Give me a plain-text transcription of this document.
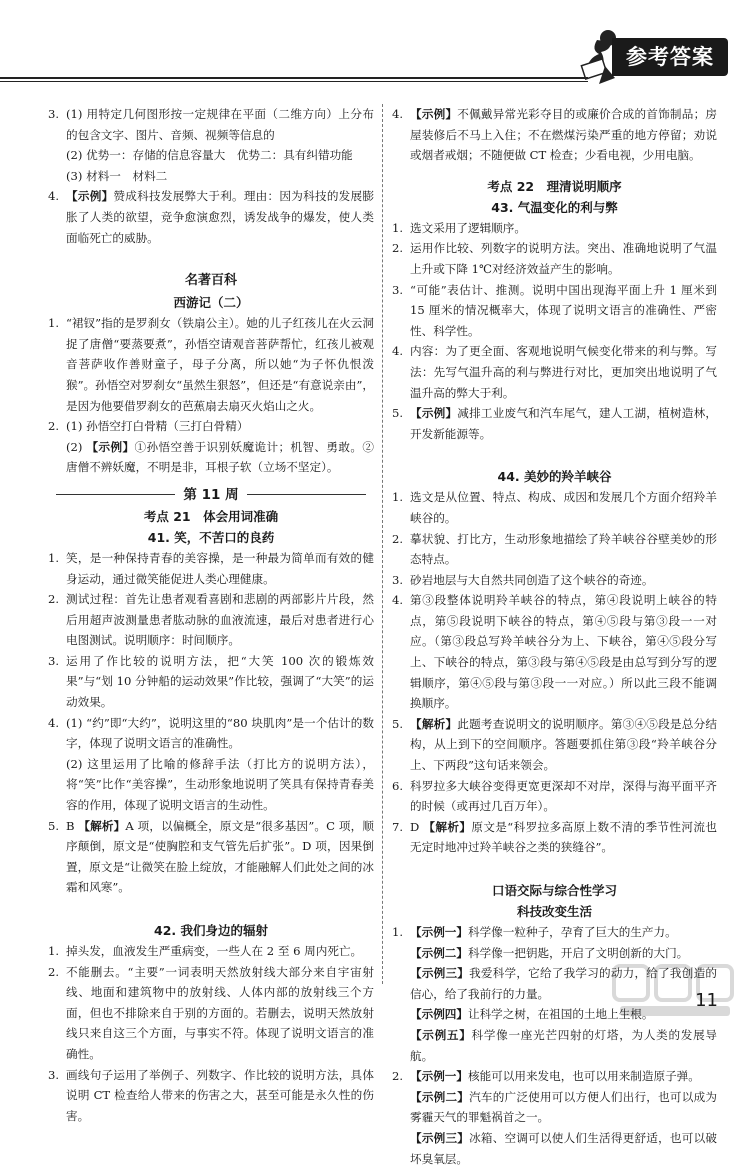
参考答案
3. (1) 用特定几何图形按一定规律在平面（二维方向）上分布的包含文字、图片、音频、视频等信息的
(2) 优势一：存储的信息容量大　优势二：具有纠错功能
(3) 材料一　材料二
4. 【示例】赞成科技发展弊大于利。理由：因为科技的发展膨胀了人类的欲望，竞争愈演愈烈，诱发战争的爆发，使人类面临死亡的威胁。
名著百科
西游记（二）
1. “裙钗”指的是罗刹女（铁扇公主）。她的儿子红孩儿在火云洞捉了唐僧“要蒸要煮”，孙悟空请观音菩萨帮忙，红孩儿被观音菩萨收作善财童子，母子分离，所以她“为子怀仇恨泼猴”。孙悟空对罗刹女“虽然生狠怒”，但还是“有意说亲由”，是因为他要借罗刹女的芭蕉扇去扇灭火焰山之火。
2. (1) 孙悟空打白骨精（三打白骨精）
(2) 【示例】①孙悟空善于识别妖魔诡计；机智、勇敢。②唐僧不辨妖魔，不明是非，耳根子软（立场不坚定）。
第 11 周
考点 21　体会用词准确
41. 笑，不苦口的良药
1. 笑，是一种保持青春的美容操，是一种最为简单而有效的健身运动，通过微笑能促进人类心理健康。
2. 测试过程：首先让患者观看喜剧和悲剧的两部影片片段，然后用超声波测量患者肱动脉的血液流速，最后对患者进行心电图测试。说明顺序：时间顺序。
3. 运用了作比较的说明方法，把“大笑 100 次的锻炼效果”与“划 10 分钟船的运动效果”作比较，强调了“大笑”的运动效果。
4. (1) “约”即“大约”，说明这里的“80 块肌肉”是一个估计的数字，体现了说明文语言的准确性。
(2) 这里运用了比喻的修辞手法（打比方的说明方法），将“笑”比作“美容操”，生动形象地说明了笑具有保持青春美容的作用，体现了说明文语言的生动性。
5. B 【解析】A 项，以偏概全，原文是“很多基因”。C 项，顺序颠倒，原文是“使胸腔和支气管先后扩张”。D 项，因果倒置，原文是“让微笑在脸上绽放，才能融解人们此处之间的冰霜和风寒”。
42. 我们身边的辐射
1. 掉头发，血液发生严重病变，一些人在 2 至 6 周内死亡。
2. 不能删去。“主要”一词表明天然放射线大部分来自宇宙射线、地面和建筑物中的放射线、人体内部的放射线三个方面，但也不排除来自于别的方面的。若删去，说明天然放射线只来自这三个方面，与事实不符。体现了说明文语言的准确性。
3. 画线句子运用了举例子、列数字、作比较的说明方法，具体说明 CT 检查给人带来的伤害之大，甚至可能是永久性的伤害。
4. 【示例】不佩戴异常光彩夺目的或廉价合成的首饰制品；房屋装修后不马上入住；不在燃煤污染严重的地方停留；劝说或烟者戒烟；不随便做 CT 检查；少看电视，少用电脑。
考点 22　理清说明顺序
43. 气温变化的利与弊
1. 选文采用了逻辑顺序。
2. 运用作比较、列数字的说明方法。突出、准确地说明了气温上升或下降 1℃对经济效益产生的影响。
3. “可能”表估计、推测。说明中国出现海平面上升 1 厘米到 15 厘米的情况概率大，体现了说明文语言的准确性、严密性、科学性。
4. 内容：为了更全面、客观地说明气候变化带来的利与弊。写法：先写气温升高的利与弊进行对比，更加突出地说明了气温升高的弊大于利。
5. 【示例】减排工业废气和汽车尾气，建人工湖，植树造林，开发新能源等。
44. 美妙的羚羊峡谷
1. 选文是从位置、特点、构成、成因和发展几个方面介绍羚羊峡谷的。
2. 摹状貌、打比方，生动形象地描绘了羚羊峡谷谷壁美妙的形态特点。
3. 砂岩地层与大自然共同创造了这个峡谷的奇迹。
4. 第③段整体说明羚羊峡谷的特点，第④段说明上峡谷的特点，第⑤段说明下峡谷的特点，第④⑤段与第③段一一对应。（第③段总写羚羊峡谷分为上、下峡谷，第④⑤段分写上、下峡谷的特点，第③段与第④⑤段是由总写到分写的逻辑顺序，第④⑤段与第③段一一对应。）所以此三段不能调换顺序。
5. 【解析】此题考查说明文的说明顺序。第③④⑤段是总分结构，从上到下的空间顺序。答题要抓住第③段“羚羊峡谷分上、下两段”这句话来领会。
6. 科罗拉多大峡谷变得更宽更深却不对岸，深得与海平面平齐的时候（或再过几百万年）。
7. D 【解析】原文是“科罗拉多高原上数不清的季节性河流也无定时地冲过羚羊峡谷之类的狭缝谷”。
口语交际与综合性学习
科技改变生活
1. 【示例一】科学像一粒种子，孕育了巨大的生产力。
【示例二】科学像一把钥匙，开启了文明创新的大门。
【示例三】我爱科学，它给了我学习的动力，给了我创造的信心，给了我前行的力量。
【示例四】让科学之树，在祖国的土地上生根。
【示例五】科学像一座光芒四射的灯塔，为人类的发展导航。
2. 【示例一】核能可以用来发电，也可以用来制造原子弹。
【示例二】汽车的广泛使用可以方便人们出行，也可以成为雾霾天气的罪魁祸首之一。
【示例三】冰箱、空调可以使人们生活得更舒适，也可以破坏臭氧层。
11
